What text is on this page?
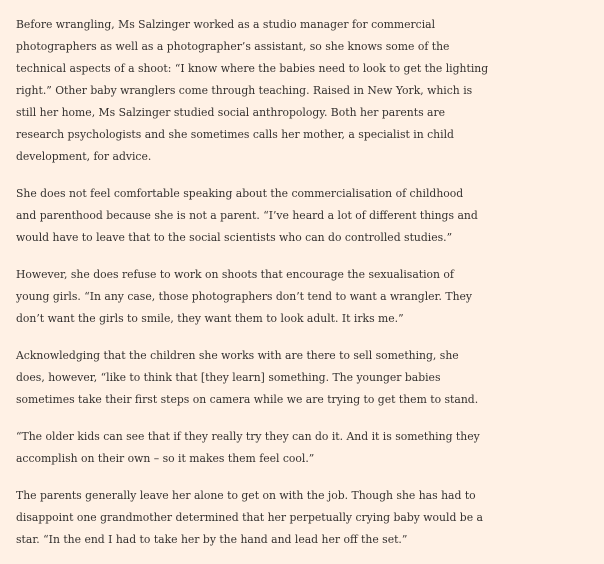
Before wrangling, Ms Salzinger worked as a studio manager for commercial
photographers as well as a photographer’s assistant, so she knows some of the
technical aspects of a shoot: “I know where the babies need to look to get the lighting
right.” Other baby wranglers come through teaching. Raised in New York, which is
still her home, Ms Salzinger studied social anthropology. Both her parents are
research psychologists and she sometimes calls her mother, a specialist in child
development, for advice.

She does not feel comfortable speaking about the commercialisation of childhood
and parenthood because she is not a parent. “I’ve heard a lot of different things and
would have to leave that to the social scientists who can do controlled studies.”

However, she does refuse to work on shoots that encourage the sexualisation of
young girls. “In any case, those photographers don’t tend to want a wrangler. They
don’t want the girls to smile, they want them to look adult. It irks me.”

Acknowledging that the children she works with are there to sell something, she
does, however, “like to think that [they learn] something. The younger babies
sometimes take their first steps on camera while we are trying to get them to stand.

“The older kids can see that if they really try they can do it. And it is something they
accomplish on their own – so it makes them feel cool.”

The parents generally leave her alone to get on with the job. Though she has had to
disappoint one grandmother determined that her perpetually crying baby would be a
star. “In the end I had to take her by the hand and lead her off the set.”
